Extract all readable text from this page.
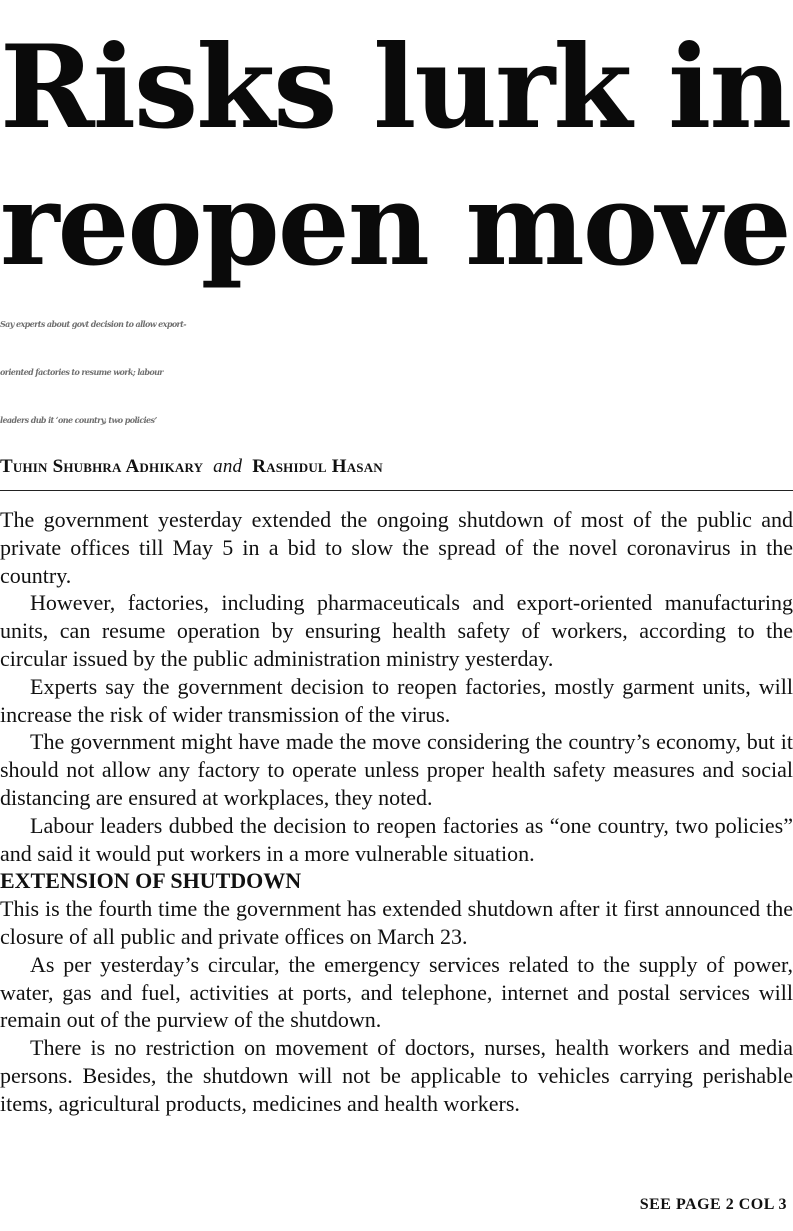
Risks lurk in
reopen move
Say experts about govt decision to allow export-
oriented factories to resume work; labour
leaders dub it ‘one country, two policies’
Tuhin Shubhra Adhikary and Rashidul Hasan

The government yesterday extended the ongoing shutdown of most of the public and private offices till May 5 in a bid to slow the spread of the novel coronavirus in the country.

However, factories, including pharmaceuticals and export-oriented manufacturing units, can resume operation by ensuring health safety of workers, according to the circular issued by the public administration ministry yesterday.

Experts say the government decision to reopen factories, mostly garment units, will increase the risk of wider transmission of the virus.

The government might have made the move considering the country’s economy, but it should not allow any factory to operate unless proper health safety measures and social distancing are ensured at workplaces, they noted.

Labour leaders dubbed the decision to reopen factories as “one country, two policies” and said it would put workers in a more vulnerable situation.

EXTENSION OF SHUTDOWN

This is the fourth time the government has extended shutdown after it first announced the closure of all public and private offices on March 23.

As per yesterday’s circular, the emergency services related to the supply of power, water, gas and fuel, activities at ports, and telephone, internet and postal services will remain out of the purview of the shutdown.

There is no restriction on movement of doctors, nurses, health workers and media persons. Besides, the shutdown will not be applicable to vehicles carrying perishable items, agricultural products, medicines and health workers.

SEE PAGE 2 COL 3
